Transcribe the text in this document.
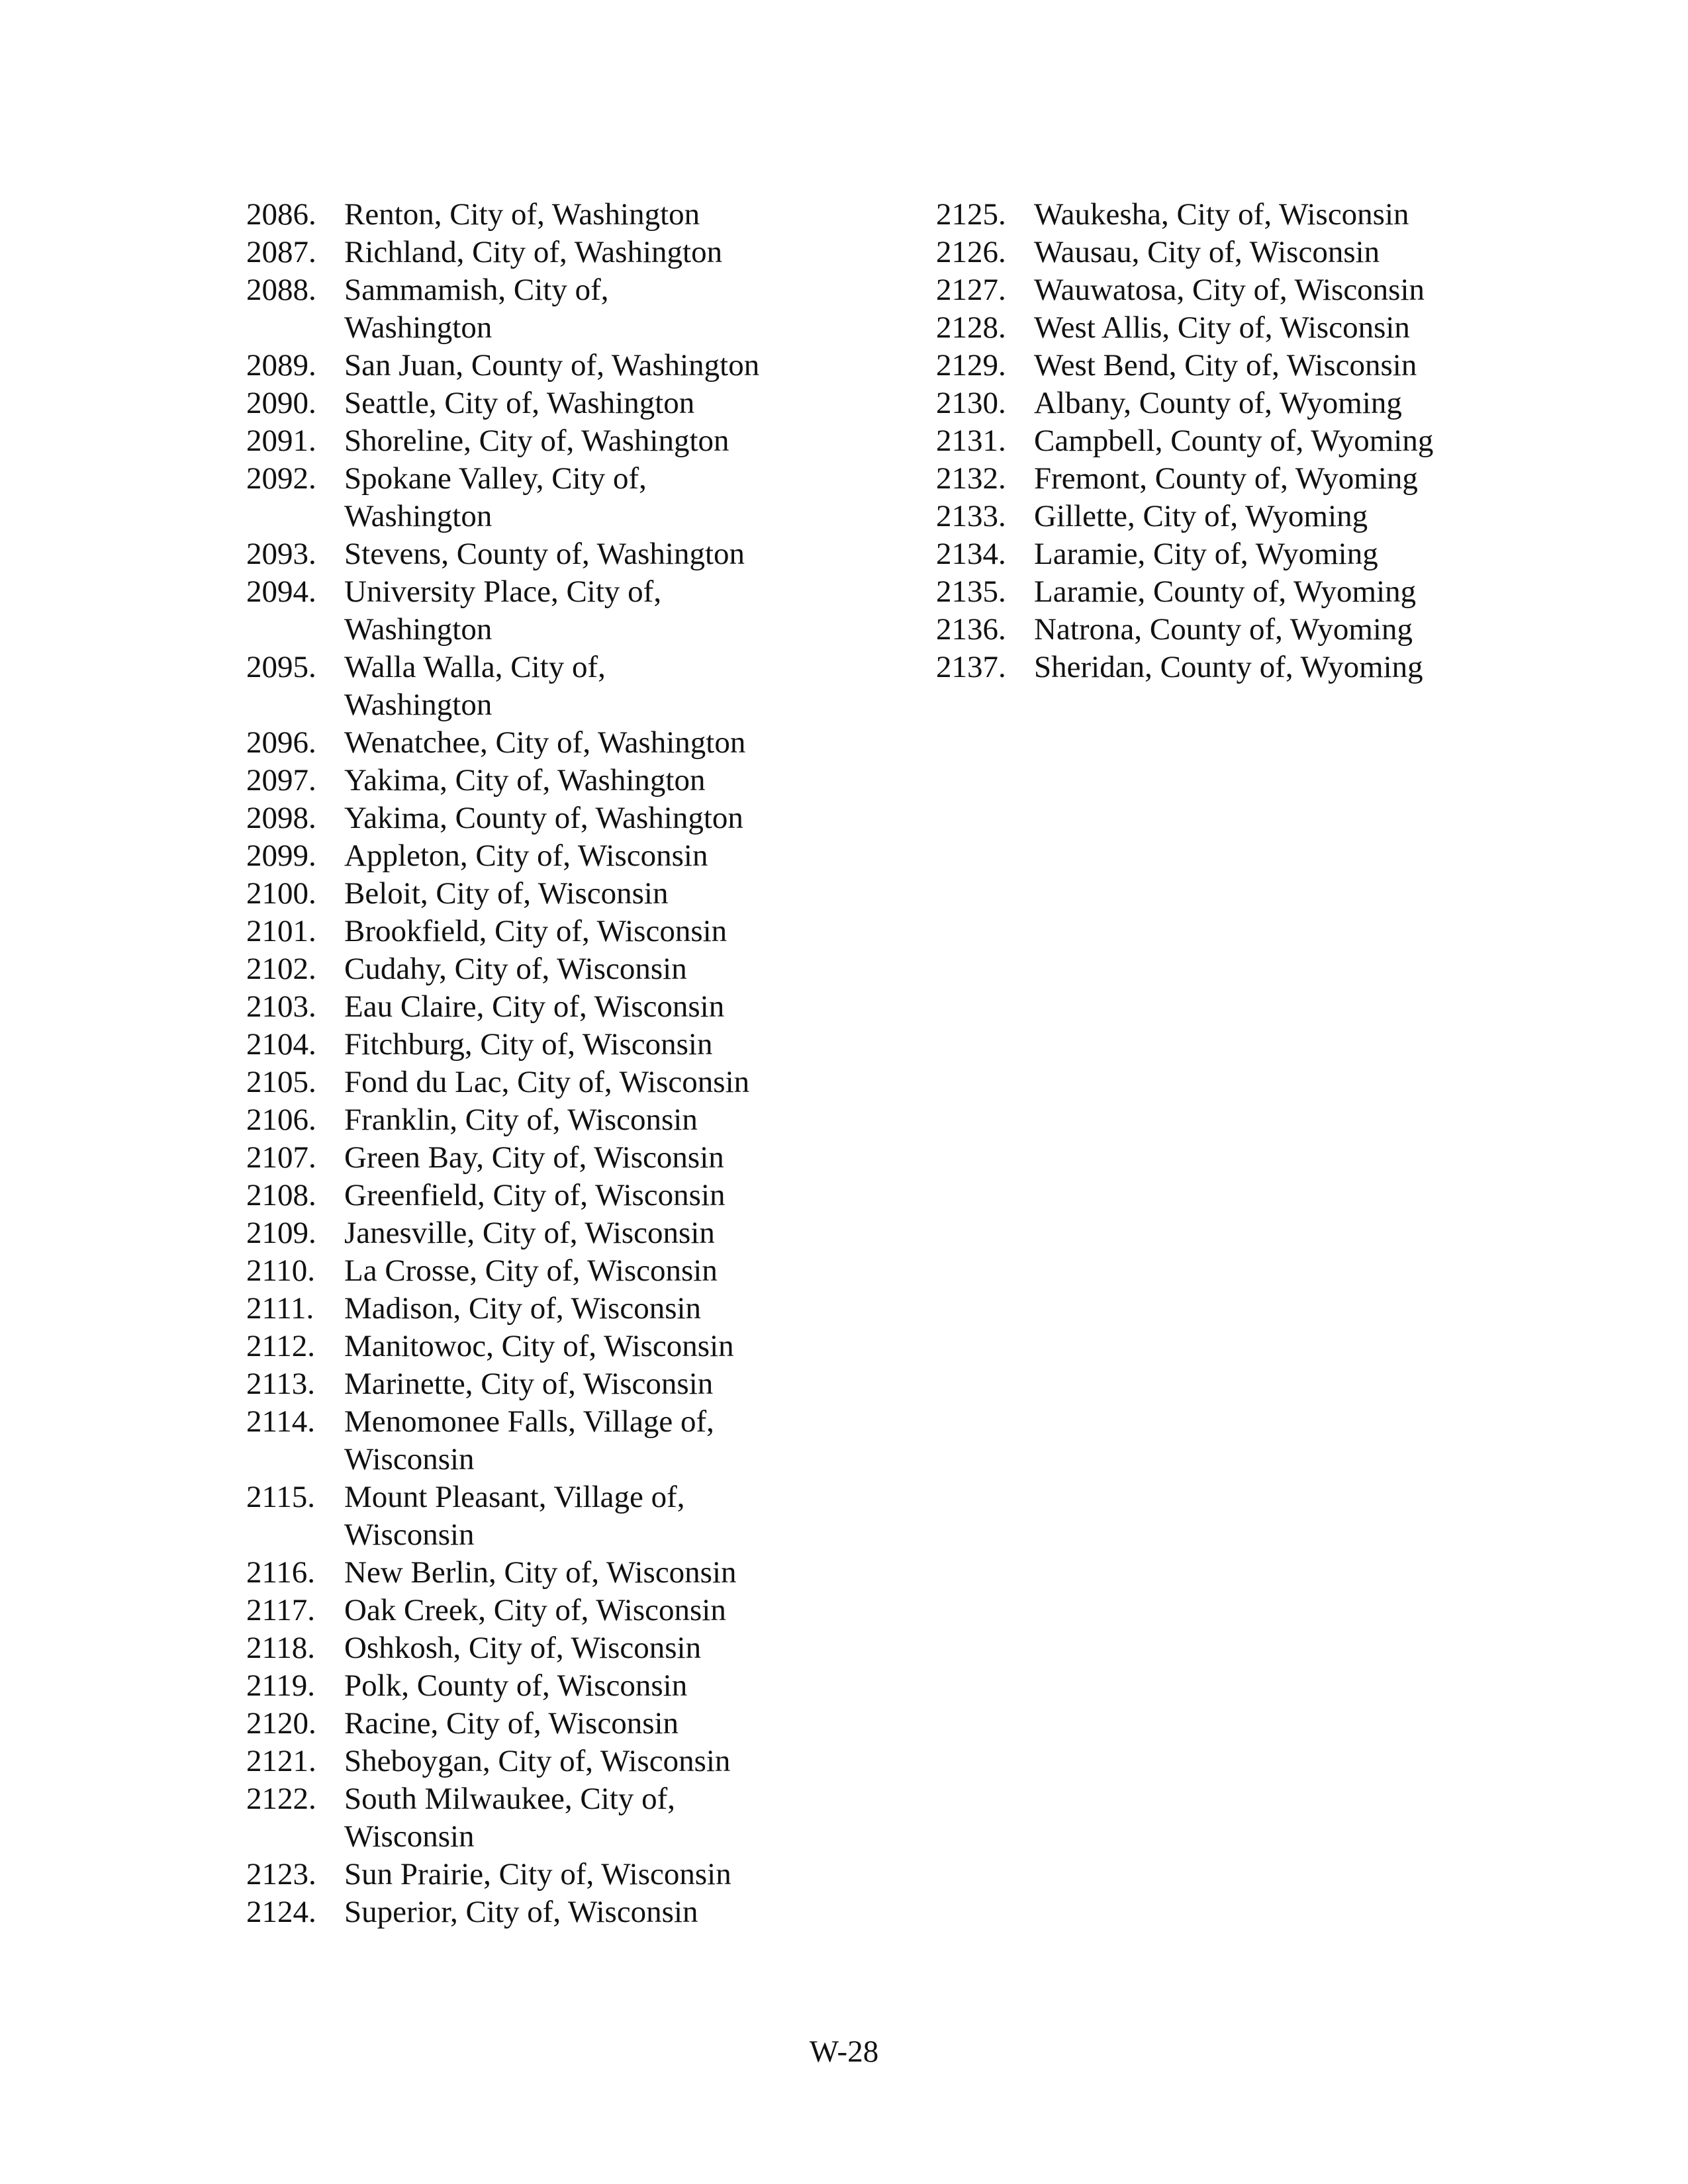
2086. Renton, City of, Washington
2087. Richland, City of, Washington
2088. Sammamish, City of,
Washington
2089. San Juan, County of, Washington
2090. Seattle, City of, Washington
2091. Shoreline, City of, Washington
2092. Spokane Valley, City of,
Washington
2093. Stevens, County of, Washington
2094. University Place, City of,
Washington
2095. Walla Walla, City of,
Washington
2096. Wenatchee, City of, Washington
2097. Yakima, City of, Washington
2098. Yakima, County of, Washington
2099. Appleton, City of, Wisconsin
2100. Beloit, City of, Wisconsin
2101. Brookfield, City of, Wisconsin
2102. Cudahy, City of, Wisconsin
2103. Eau Claire, City of, Wisconsin
2104. Fitchburg, City of, Wisconsin
2105. Fond du Lac, City of, Wisconsin
2106. Franklin, City of, Wisconsin
2107. Green Bay, City of, Wisconsin
2108. Greenfield, City of, Wisconsin
2109. Janesville, City of, Wisconsin
2110. La Crosse, City of, Wisconsin
2111. Madison, City of, Wisconsin
2112. Manitowoc, City of, Wisconsin
2113. Marinette, City of, Wisconsin
2114. Menomonee Falls, Village of,
Wisconsin
2115. Mount Pleasant, Village of,
Wisconsin
2116. New Berlin, City of, Wisconsin
2117. Oak Creek, City of, Wisconsin
2118. Oshkosh, City of, Wisconsin
2119. Polk, County of, Wisconsin
2120. Racine, City of, Wisconsin
2121. Sheboygan, City of, Wisconsin
2122. South Milwaukee, City of,
Wisconsin
2123. Sun Prairie, City of, Wisconsin
2124. Superior, City of, Wisconsin
2125. Waukesha, City of, Wisconsin
2126. Wausau, City of, Wisconsin
2127. Wauwatosa, City of, Wisconsin
2128. West Allis, City of, Wisconsin
2129. West Bend, City of, Wisconsin
2130. Albany, County of, Wyoming
2131. Campbell, County of, Wyoming
2132. Fremont, County of, Wyoming
2133. Gillette, City of, Wyoming
2134. Laramie, City of, Wyoming
2135. Laramie, County of, Wyoming
2136. Natrona, County of, Wyoming
2137. Sheridan, County of, Wyoming
W-28
